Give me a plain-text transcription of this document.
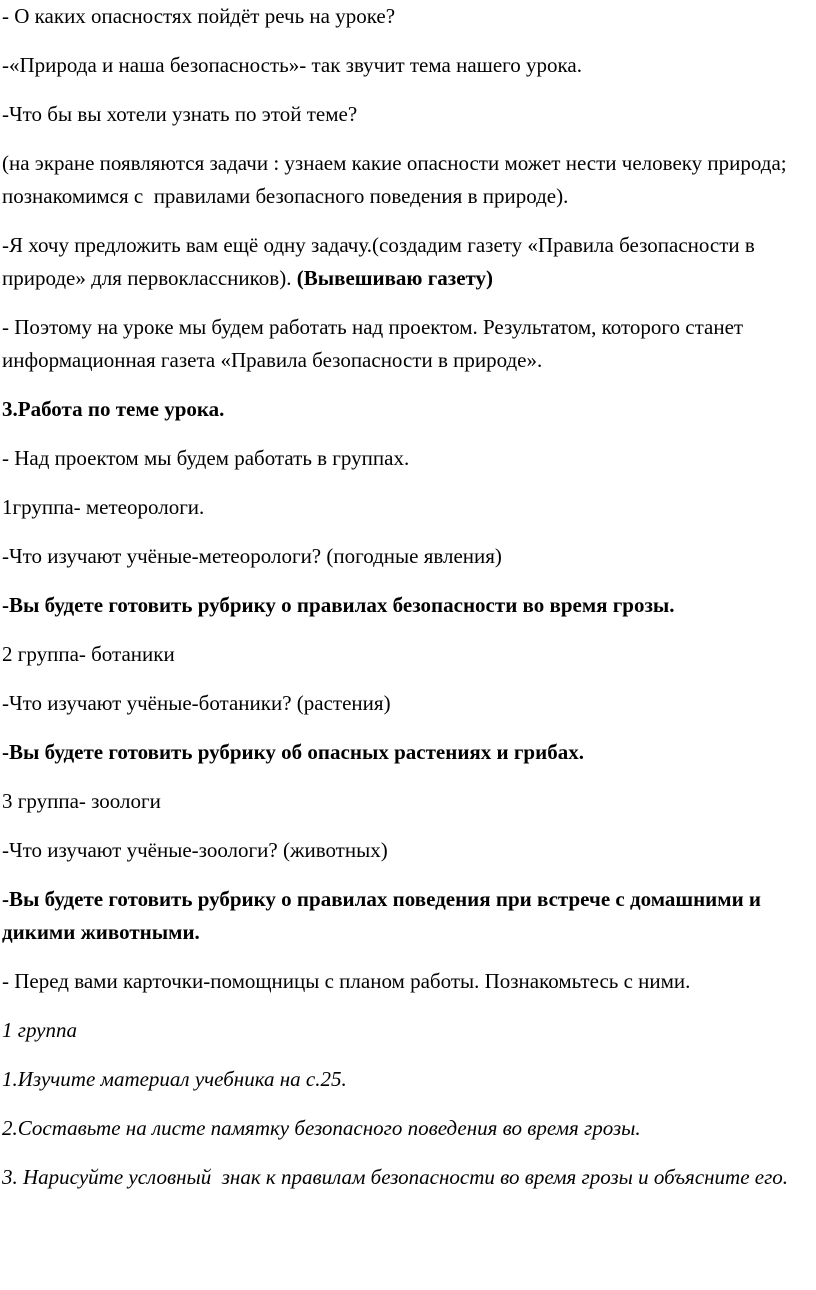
- О каких опасностях пойдёт речь на уроке?
-«Природа и наша безопасность»- так звучит тема нашего урока.
-Что бы вы хотели узнать по этой теме?
(на экране появляются задачи : узнаем какие опасности может нести человеку природа; познакомимся с  правилами безопасного поведения в природе).
-Я хочу предложить вам ещё одну задачу.(создадим газету «Правила безопасности в природе» для первоклассников). (Вывешиваю газету)
- Поэтому на уроке мы будем работать над проектом. Результатом, которого станет информационная газета «Правила безопасности в природе».
3.Работа по теме урока.
- Над проектом мы будем работать в группах.
1группа- метеорологи.
-Что изучают учёные-метеорологи? (погодные явления)
-Вы будете готовить рубрику о правилах безопасности во время грозы.
2 группа- ботаники
-Что изучают учёные-ботаники? (растения)
-Вы будете готовить рубрику об опасных растениях и грибах.
3 группа- зоологи
-Что изучают учёные-зоологи? (животных)
-Вы будете готовить рубрику о правилах поведения при встрече с домашними и дикими животными.
- Перед вами карточки-помощницы с планом работы. Познакомьтесь с ними.
1 группа
1.Изучите материал учебника на с.25.
2.Составьте на листе памятку безопасного поведения во время грозы.
3. Нарисуйте условный  знак к правилам безопасности во время грозы и объясните его.
